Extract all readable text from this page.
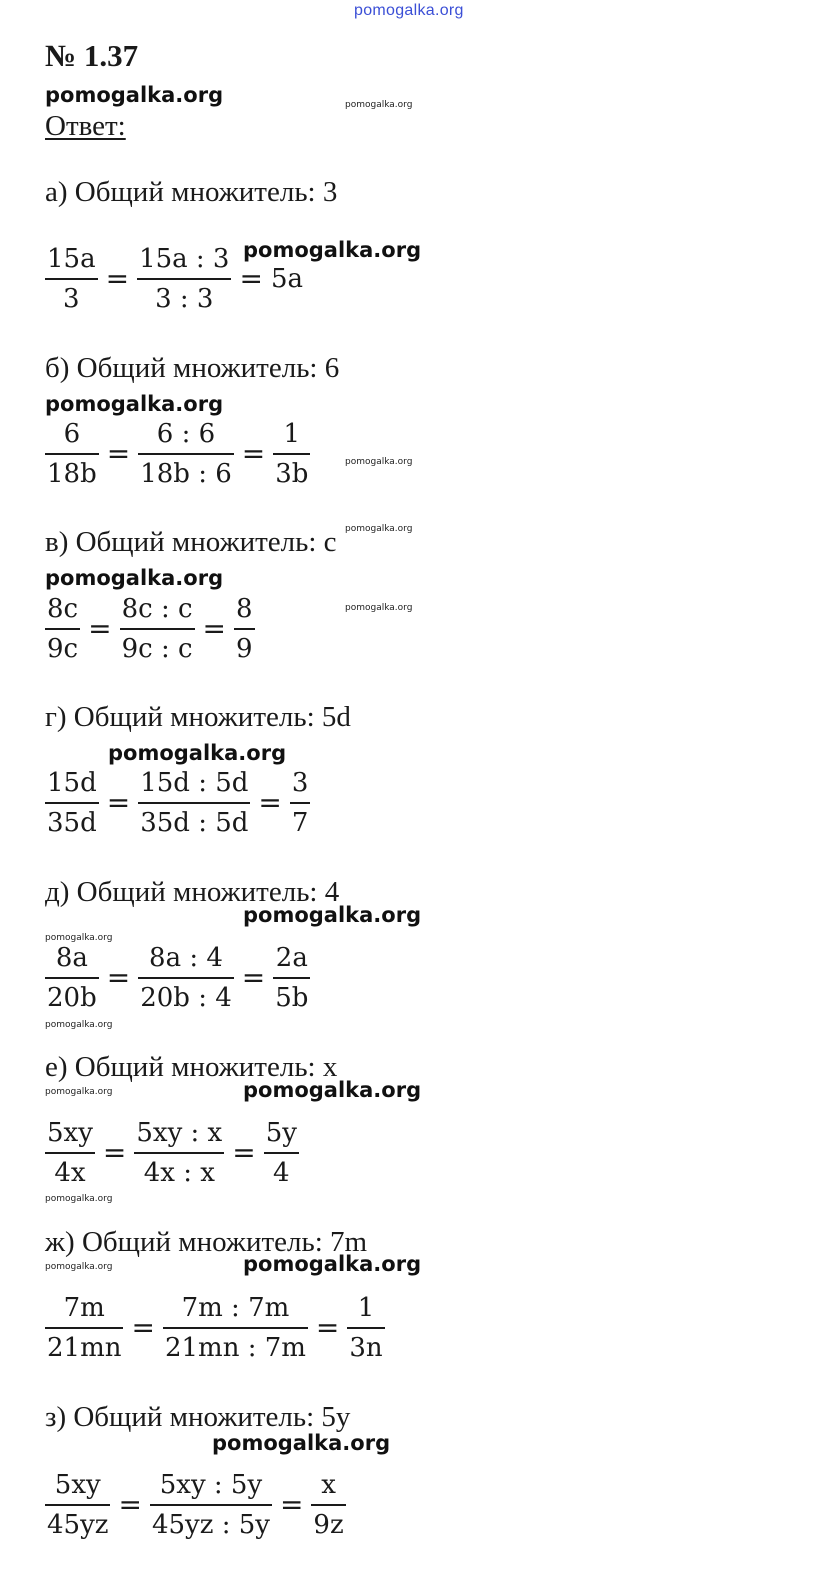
pomogalka.org
№ 1.37
pomogalka.org
pomogalka.org
pomogalka.org
pomogalka.org
pomogalka.org
pomogalka.org
pomogalka.org
pomogalka.org
pomogalka.org
pomogalka.org
pomogalka.org
pomogalka.org
pomogalka.org
pomogalka.org
pomogalka.org
pomogalka.org
pomogalka.org
pomogalka.org
Ответ:
а) Общий множитель: 3
$\frac{15a}{3} = \frac{15a : 3}{3 : 3} = 5a$
б) Общий множитель: 6
$\frac{6}{18b} = \frac{6 : 6}{18b : 6} = \frac{1}{3b}$
в) Общий множитель: c
$\frac{8c}{9c} = \frac{8c : c}{9c : c} = \frac{8}{9}$
г) Общий множитель: 5d
$\frac{15d}{35d} = \frac{15d : 5d}{35d : 5d} = \frac{3}{7}$
д) Общий множитель: 4
$\frac{8a}{20b} = \frac{8a : 4}{20b : 4} = \frac{2a}{5b}$
е) Общий множитель: x
$\frac{5xy}{4x} = \frac{5xy : x}{4x : x} = \frac{5y}{4}$
ж) Общий множитель: 7m
$\frac{7m}{21mn} = \frac{7m : 7m}{21mn : 7m} = \frac{1}{3n}$
з) Общий множитель: 5y
$\frac{5xy}{45yz} = \frac{5xy : 5y}{45yz : 5y} = \frac{x}{9z}$
